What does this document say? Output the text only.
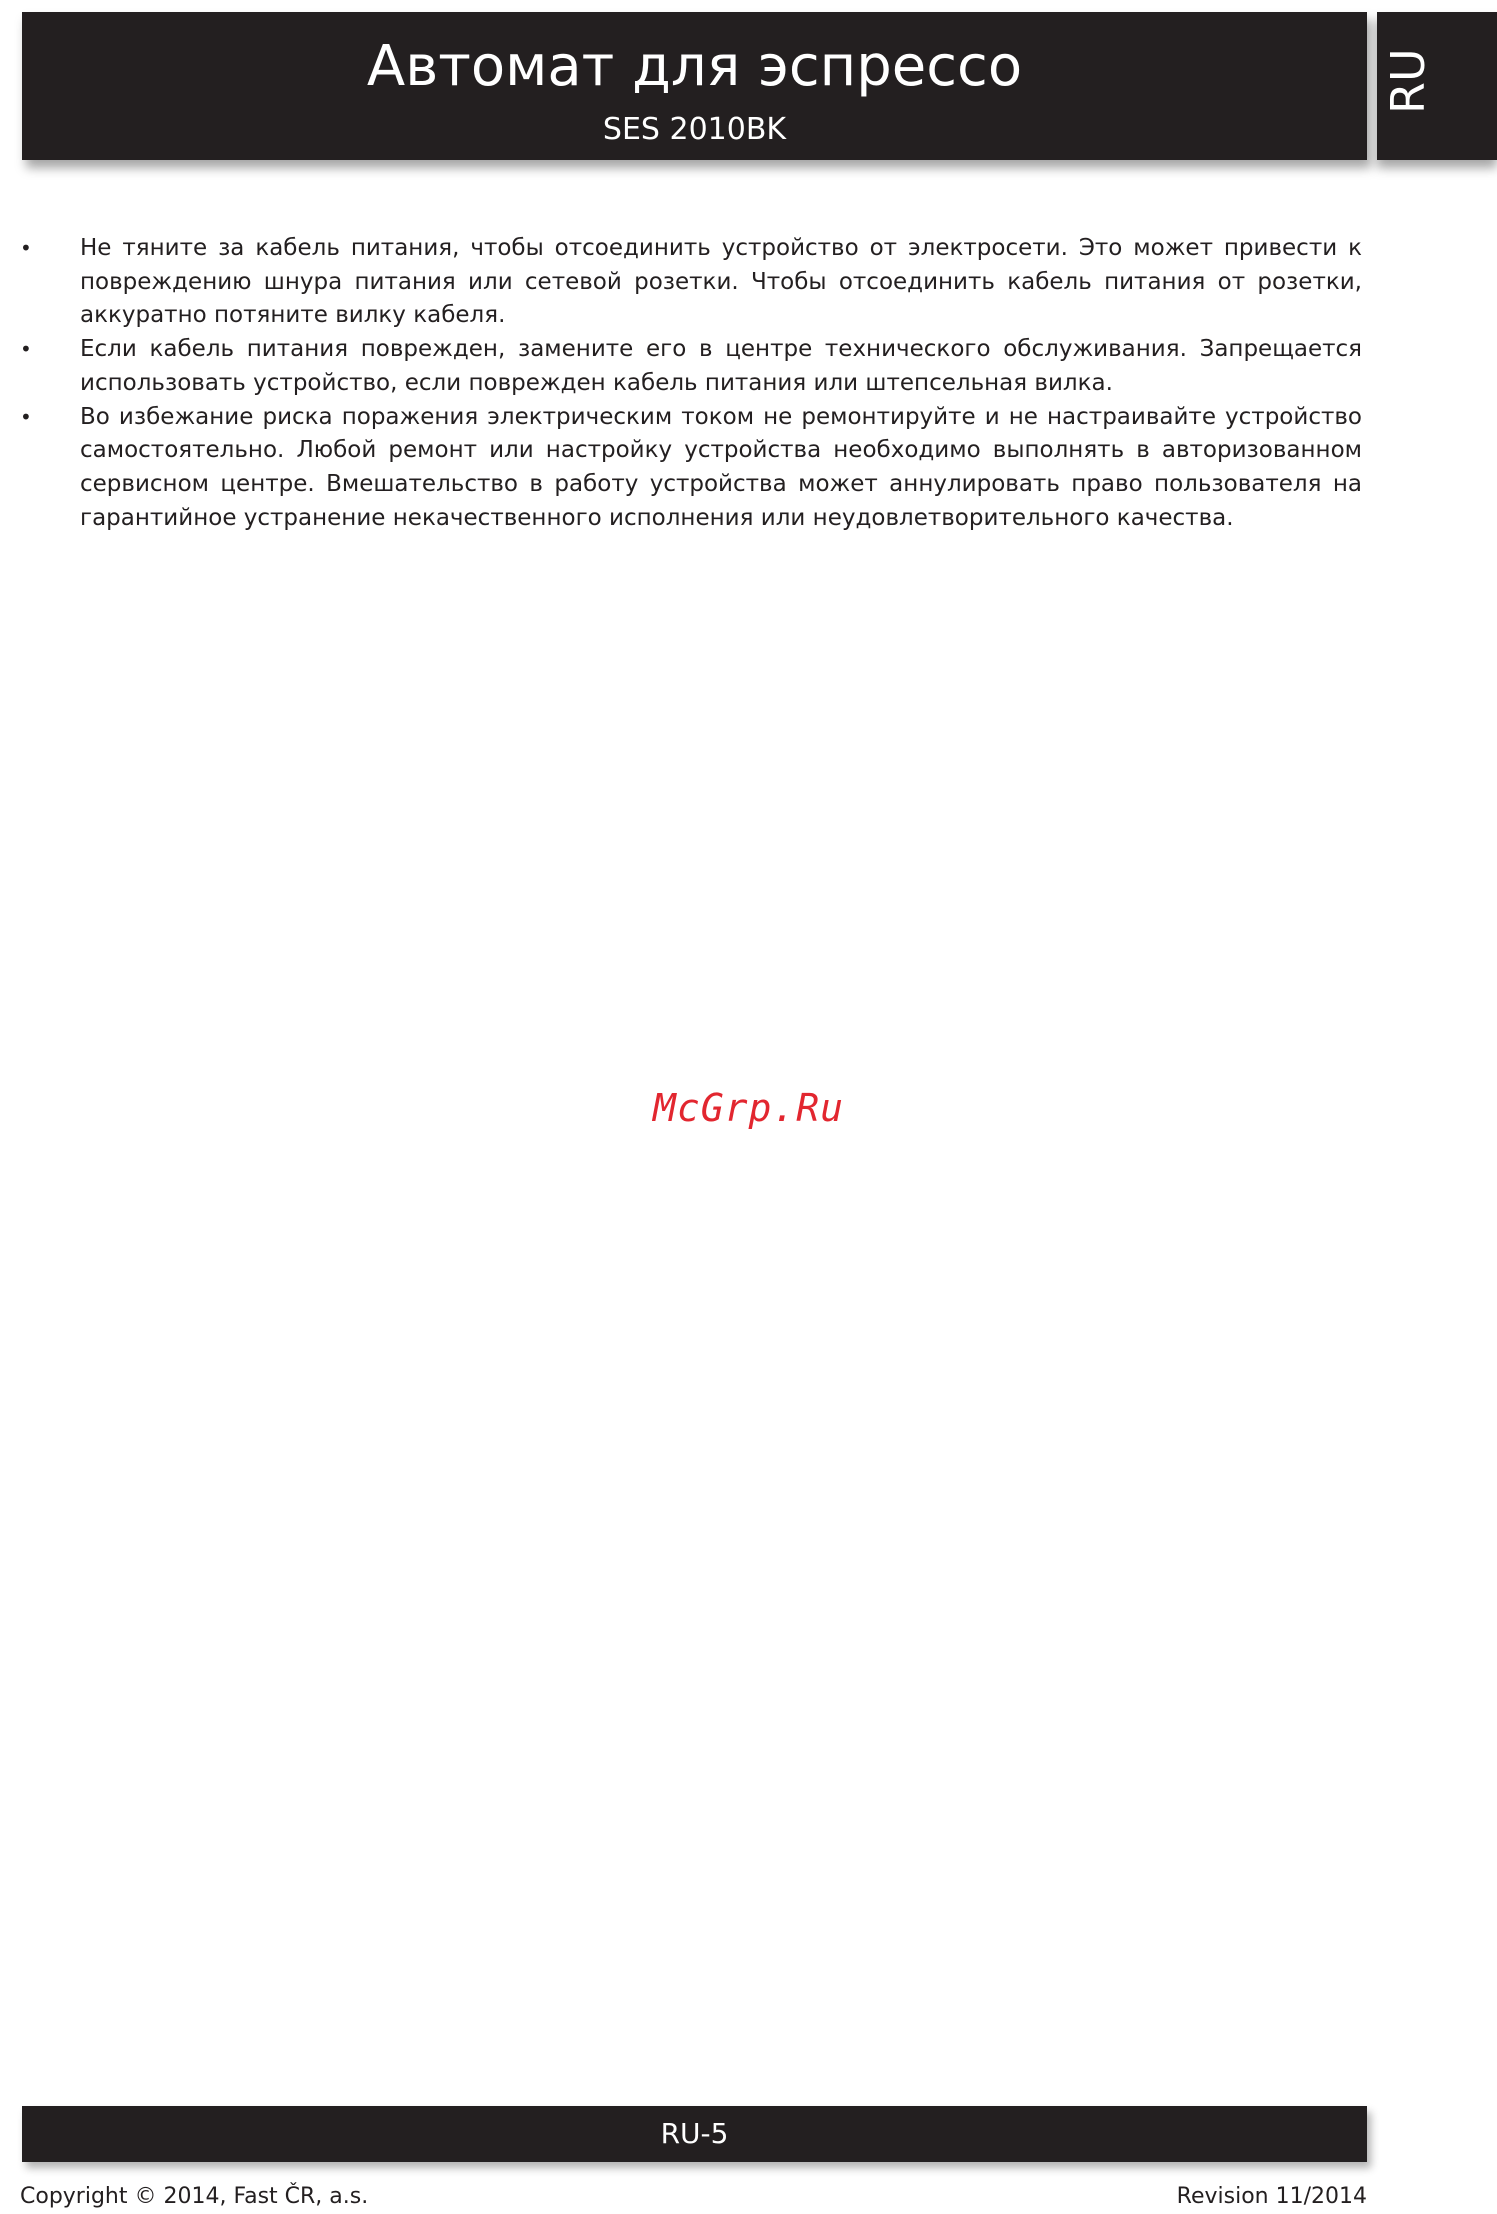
Автомат для эспрессо
SES 2010BK
RU
• Не тяните за кабель питания, чтобы отсоединить устройство от электросети. Это может привести к повреждению шнура питания или сетевой розетки. Чтобы отсоединить кабель питания от розетки, аккуратно потяните вилку кабеля.
• Если кабель питания поврежден, замените его в центре технического обслуживания. Запрещается использовать устройство, если поврежден кабель питания или штепсельная вилка.
• Во избежание риска поражения электрическим током не ремонтируйте и не настраивайте устройство самостоятельно. Любой ремонт или настройку устройства необходимо выполнять в авторизованном сервисном центре. Вмешательство в работу устройства может аннулировать право пользователя на гарантийное устранение некачественного исполнения или неудовлетворительного качества.
McGrp.Ru
RU-5
Copyright © 2014, Fast ČR, a.s.	Revision 11/2014
